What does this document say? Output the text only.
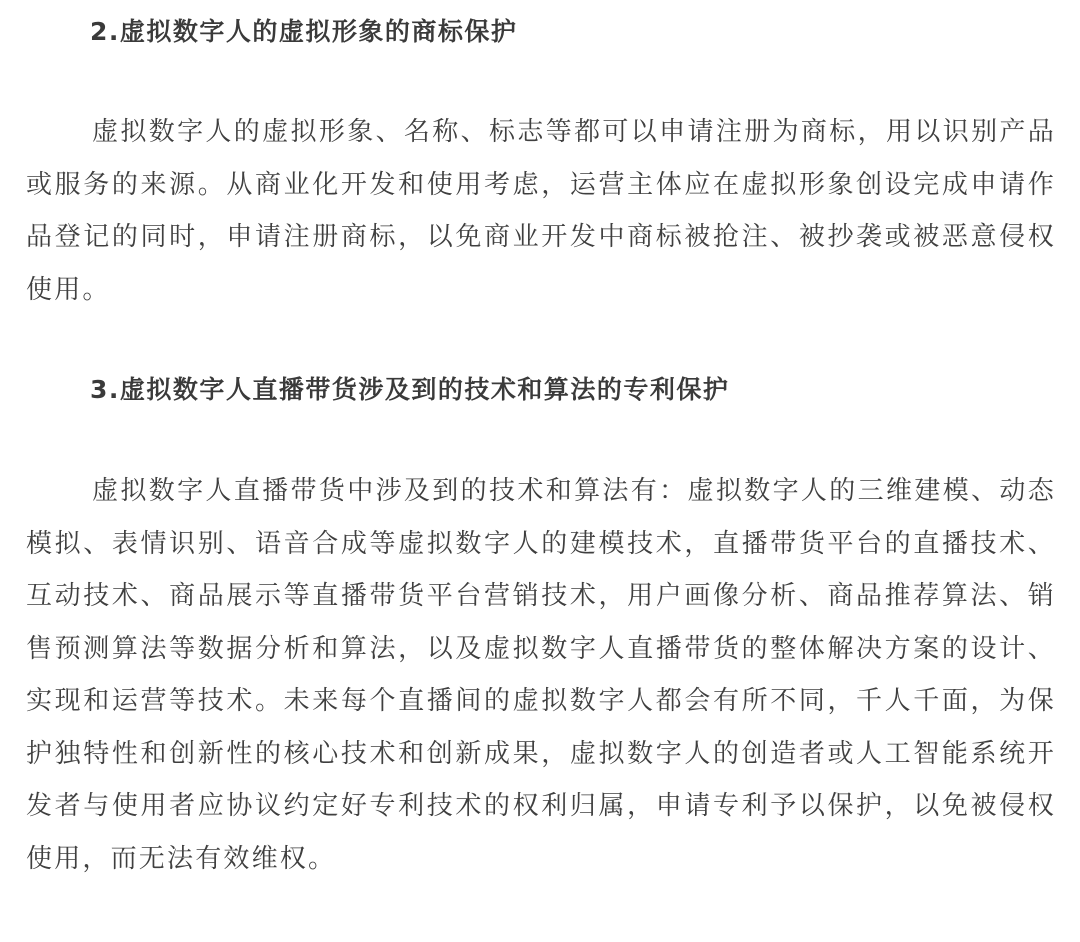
2.虚拟数字人的虚拟形象的商标保护

虚拟数字人的虚拟形象、名称、标志等都可以申请注册为商标，用以识别产品或服务的来源。从商业化开发和使用考虑，运营主体应在虚拟形象创设完成申请作品登记的同时，申请注册商标，以免商业开发中商标被抢注、被抄袭或被恶意侵权使用。

3.虚拟数字人直播带货涉及到的技术和算法的专利保护

虚拟数字人直播带货中涉及到的技术和算法有：虚拟数字人的三维建模、动态模拟、表情识别、语音合成等虚拟数字人的建模技术，直播带货平台的直播技术、互动技术、商品展示等直播带货平台营销技术，用户画像分析、商品推荐算法、销售预测算法等数据分析和算法，以及虚拟数字人直播带货的整体解决方案的设计、实现和运营等技术。未来每个直播间的虚拟数字人都会有所不同，千人千面，为保护独特性和创新性的核心技术和创新成果，虚拟数字人的创造者或人工智能系统开发者与使用者应协议约定好专利技术的权利归属，申请专利予以保护，以免被侵权使用，而无法有效维权。
